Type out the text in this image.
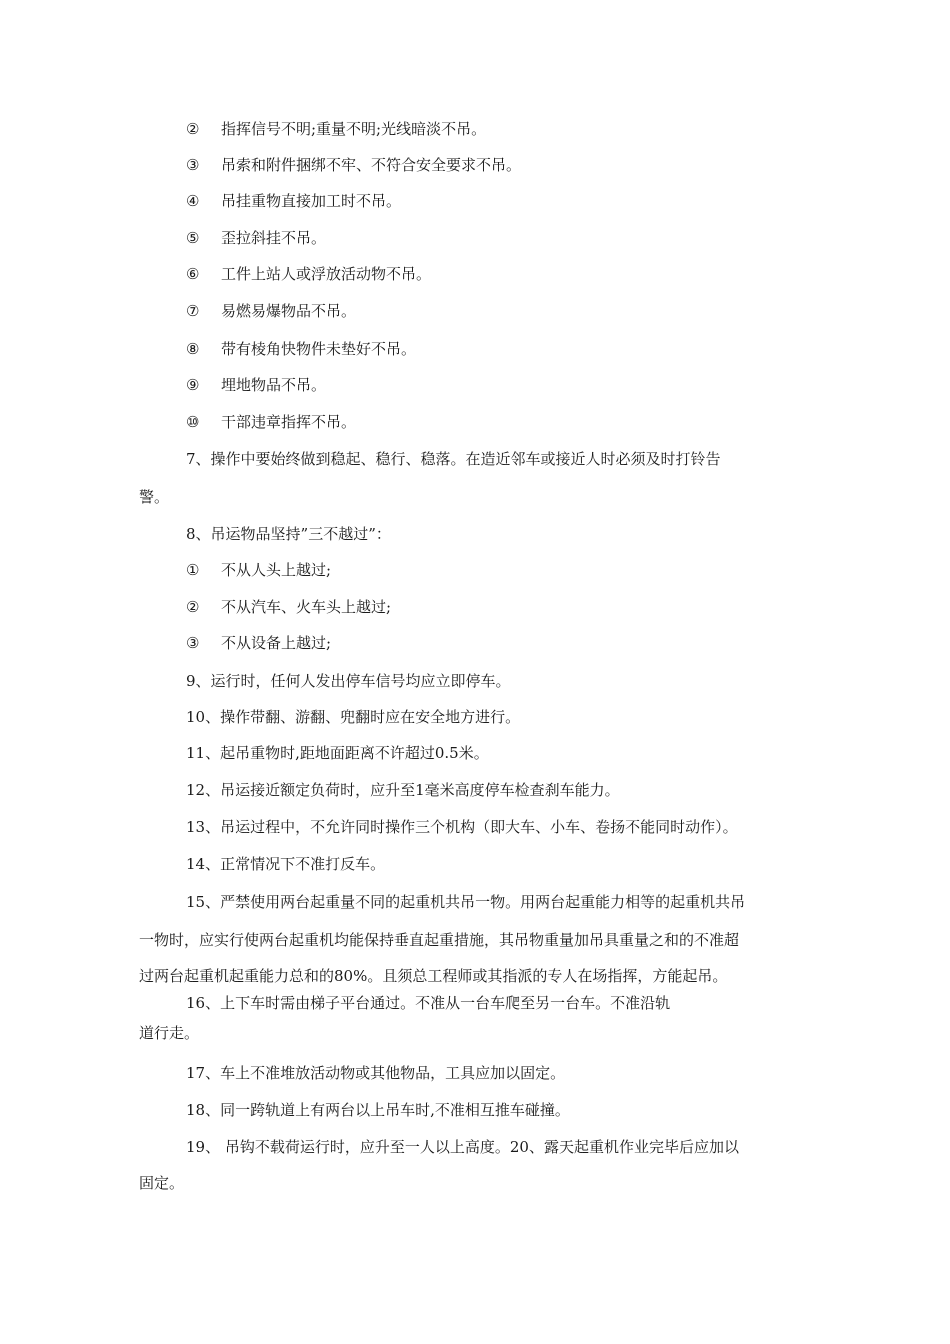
② 指挥信号不明;重量不明;光线暗淡不吊。
③ 吊索和附件捆绑不牢、不符合安全要求不吊。
④ 吊挂重物直接加工时不吊。
⑤ 歪拉斜挂不吊。
⑥ 工件上站人或浮放活动物不吊。
⑦ 易燃易爆物品不吊。
⑧ 带有棱角快物件未垫好不吊。
⑨ 埋地物品不吊。
⑩ 干部违章指挥不吊。
7、操作中要始终做到稳起、稳行、稳落。在造近邻车或接近人时必须及时打铃告
警。
8、吊运物品坚持”三不越过”：
① 不从人头上越过;
② 不从汽车、火车头上越过;
③ 不从设备上越过;
9、运行时，任何人发出停车信号均应立即停车。
10、操作带翻、游翻、兜翻时应在安全地方进行。
11、起吊重物时,距地面距离不许超过0.5米。
12、吊运接近额定负荷时，应升至1毫米高度停车检查刹车能力。
13、吊运过程中，不允许同时操作三个机构（即大车、小车、卷扬不能同时动作）。
14、正常情况下不准打反车。
15、严禁使用两台起重量不同的起重机共吊一物。用两台起重能力相等的起重机共吊
一物时，应实行使两台起重机均能保持垂直起重措施，其吊物重量加吊具重量之和的不准超
过两台起重机起重能力总和的80%。且须总工程师或其指派的专人在场指挥，方能起吊。
16、上下车时需由梯子平台通过。不准从一台车爬至另一台车。不准沿轨
道行走。
17、车上不准堆放活动物或其他物品，工具应加以固定。
18、同一跨轨道上有两台以上吊车时,不准相互推车碰撞。
19、 吊钩不载荷运行时，应升至一人以上高度。20、露天起重机作业完毕后应加以
固定。
